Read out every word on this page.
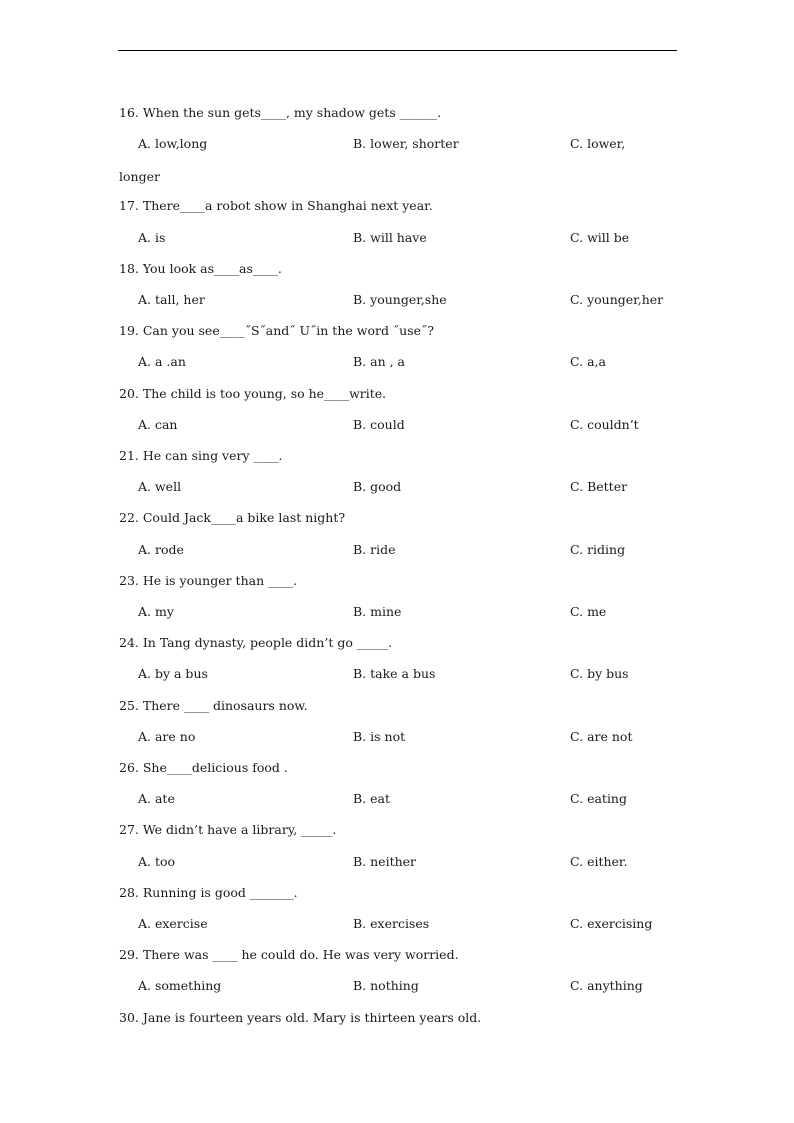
16. When the sun gets____, my shadow gets ______.
A. low,long	B. lower, shorter	C. lower,
longer
17. There____a robot show in Shanghai next year.
A. is	B. will have	C. will be
18. You look as____as____.
A. tall, her	B. younger,she	C. younger,her
19. Can you see____˝S˝and˝ U˝in the word ˝use˝?
A. a .an	B. an , a	C. a,a
20. The child is too young, so he____write.
A. can	B. could	C. couldn’t
21. He can sing very ____.
A. well	B. good	C. Better
22. Could Jack____a bike last night?
A. rode	B. ride	C. riding
23. He is younger than ____.
A. my	B. mine	C. me
24. In Tang dynasty, people didn’t go _____.
A. by a bus	B. take a bus	C. by bus
25. There ____ dinosaurs now.
A. are no	B. is not	C. are not
26. She____delicious food .
A. ate	B. eat	C. eating
27. We didn’t have a library, _____.
A. too	B. neither	C. either.
28. Running is good _______.
A. exercise	B. exercises	C. exercising
29. There was ____ he could do. He was very worried.
A. something	B. nothing	C. anything
30. Jane is fourteen years old. Mary is thirteen years old.
